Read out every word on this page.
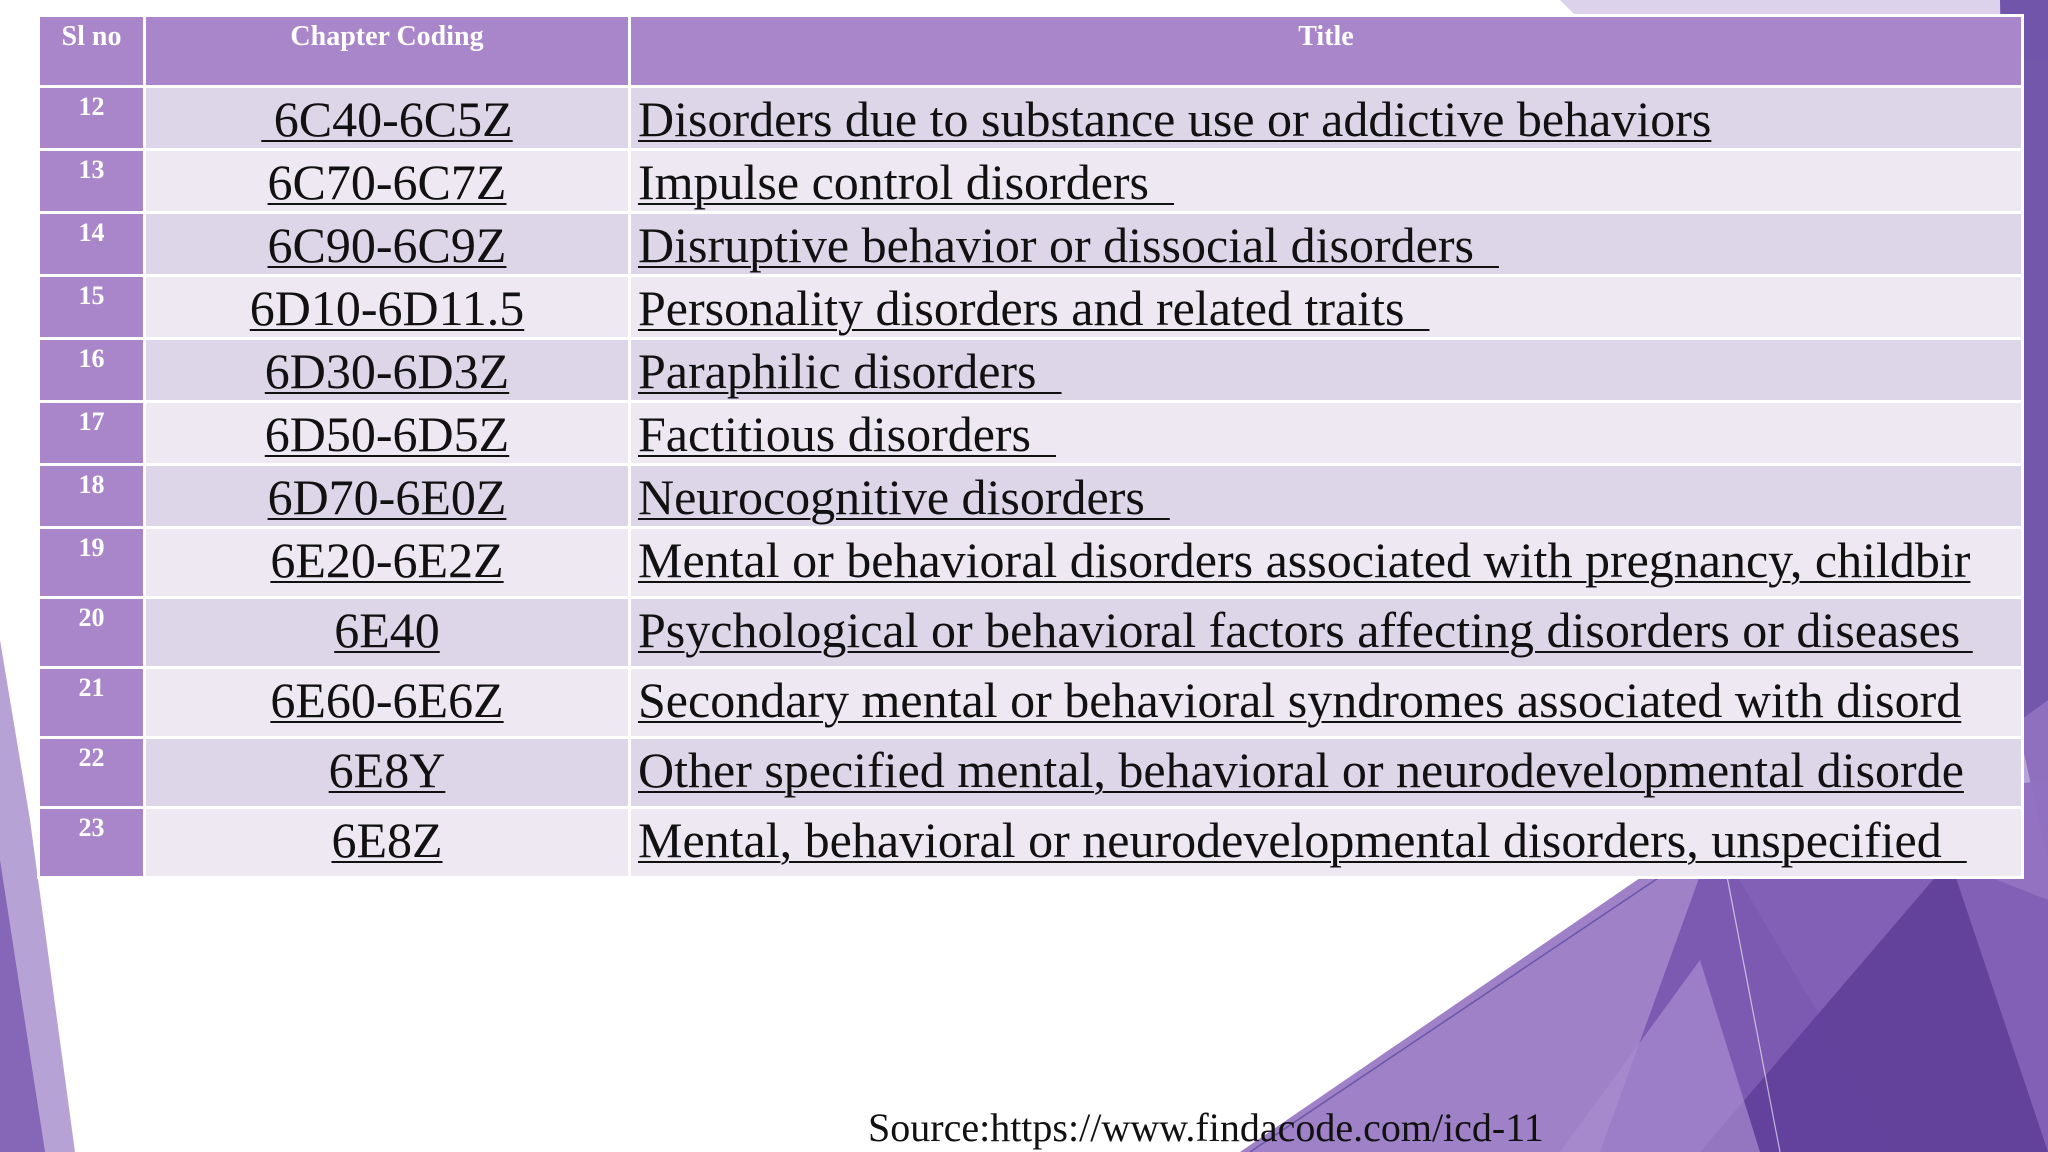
Sl no	Chapter Coding	Title
12	6C40-6C5Z	Disorders due to substance use or addictive behaviors
13	6C70-6C7Z	Impulse control disorders
14	6C90-6C9Z	Disruptive behavior or dissocial disorders
15	6D10-6D11.5	Personality disorders and related traits
16	6D30-6D3Z	Paraphilic disorders
17	6D50-6D5Z	Factitious disorders
18	6D70-6E0Z	Neurocognitive disorders
19	6E20-6E2Z	Mental or behavioral disorders associated with pregnancy, childbir
20	6E40	Psychological or behavioral factors affecting disorders or diseases
21	6E60-6E6Z	Secondary mental or behavioral syndromes associated with disord
22	6E8Y	Other specified mental, behavioral or neurodevelopmental disorde
23	6E8Z	Mental, behavioral or neurodevelopmental disorders, unspecified
Source:https://www.findacode.com/icd-11
